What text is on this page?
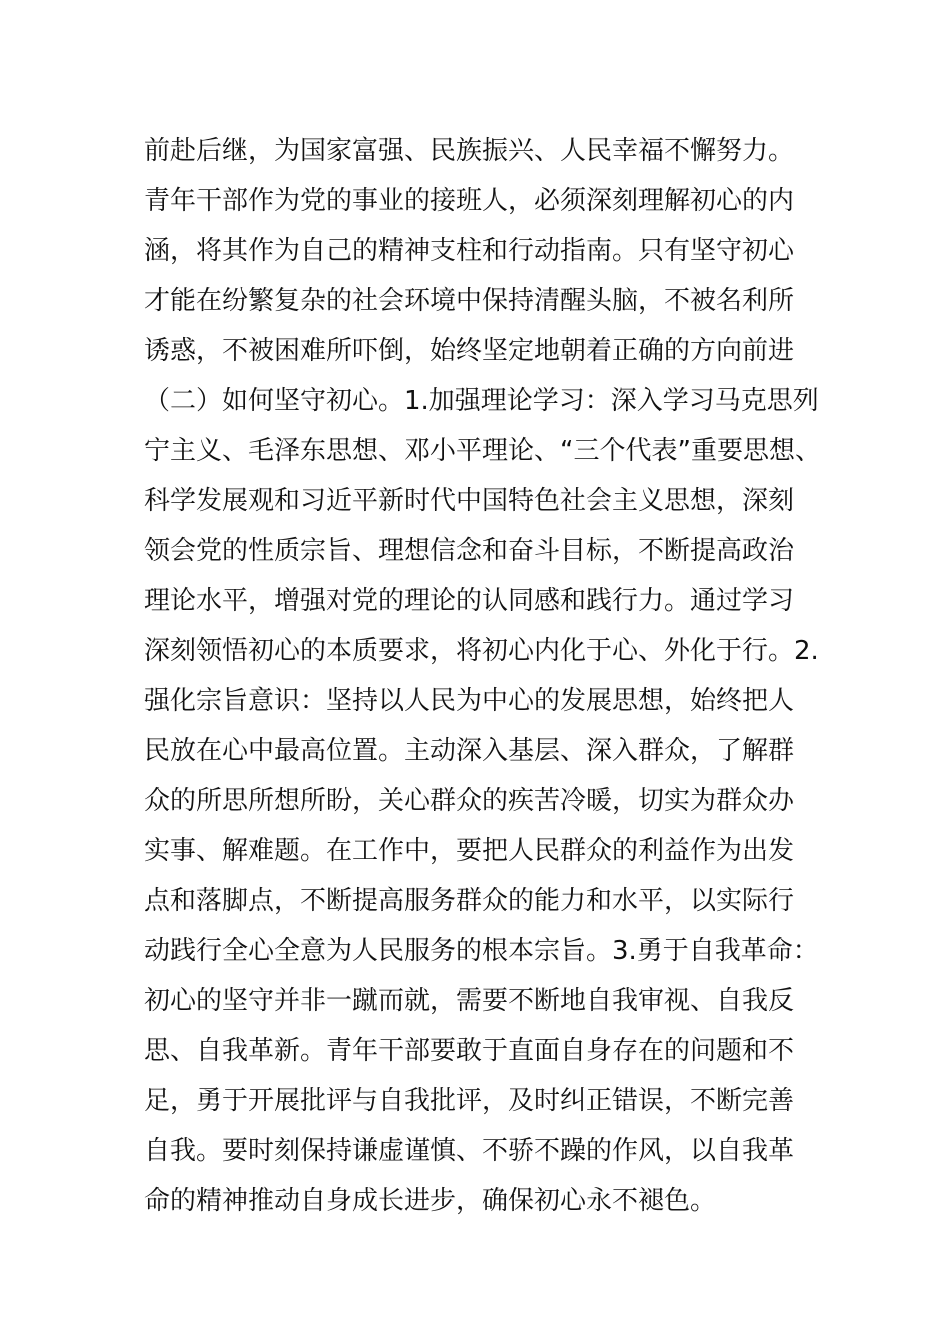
前赴后继，为国家富强、民族振兴、人民幸福不懈努力。
青年干部作为党的事业的接班人，必须深刻理解初心的内
涵，将其作为自己的精神支柱和行动指南。只有坚守初心
才能在纷繁复杂的社会环境中保持清醒头脑，不被名利所
诱惑，不被困难所吓倒，始终坚定地朝着正确的方向前进
（二）如何坚守初心。1.加强理论学习：深入学习马克思列
宁主义、毛泽东思想、邓小平理论、“三个代表”重要思想、
科学发展观和习近平新时代中国特色社会主义思想，深刻
领会党的性质宗旨、理想信念和奋斗目标，不断提高政治
理论水平，增强对党的理论的认同感和践行力。通过学习
深刻领悟初心的本质要求，将初心内化于心、外化于行。2.
强化宗旨意识：坚持以人民为中心的发展思想，始终把人
民放在心中最高位置。主动深入基层、深入群众，了解群
众的所思所想所盼，关心群众的疾苦冷暖，切实为群众办
实事、解难题。在工作中，要把人民群众的利益作为出发
点和落脚点，不断提高服务群众的能力和水平，以实际行
动践行全心全意为人民服务的根本宗旨。3.勇于自我革命：
初心的坚守并非一蹴而就，需要不断地自我审视、自我反
思、自我革新。青年干部要敢于直面自身存在的问题和不
足，勇于开展批评与自我批评，及时纠正错误，不断完善
自我。要时刻保持谦虚谨慎、不骄不躁的作风，以自我革
命的精神推动自身成长进步，确保初心永不褪色。
